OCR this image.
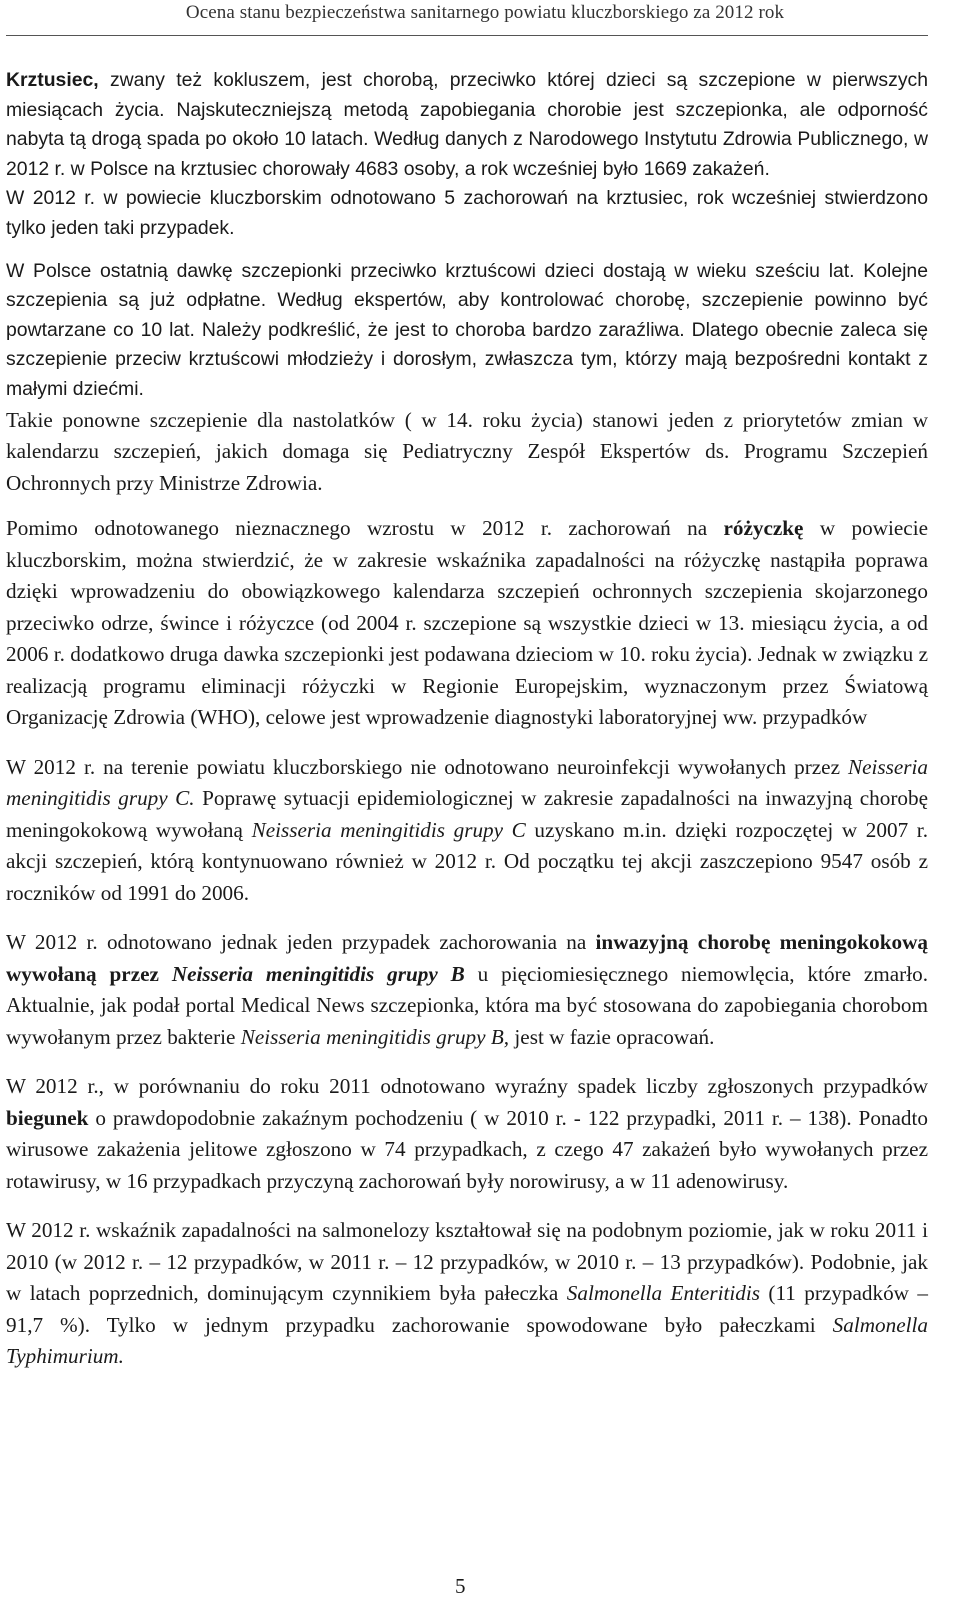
Ocena stanu bezpieczeństwa sanitarnego powiatu kluczborskiego za 2012 rok

Krztusiec, zwany też kokluszem, jest chorobą, przeciwko której dzieci są szczepione w pierwszych miesiącach życia. Najskuteczniejszą metodą zapobiegania chorobie jest szczepionka, ale odporność nabyta tą drogą spada po około 10 latach. Według danych z Narodowego Instytutu Zdrowia Publicznego, w 2012 r. w Polsce na krztusiec chorowały 4683 osoby, a rok wcześniej było 1669 zakażeń.

W 2012 r. w powiecie kluczborskim odnotowano 5 zachorowań na krztusiec, rok wcześniej stwierdzono tylko jeden taki przypadek.

W Polsce ostatnią dawkę szczepionki przeciwko krztuścowi dzieci dostają w wieku sześciu lat. Kolejne szczepienia są już odpłatne. Według ekspertów, aby kontrolować chorobę, szczepienie powinno być powtarzane co 10 lat. Należy podkreślić, że jest to choroba bardzo zaraźliwa. Dlatego obecnie zaleca się szczepienie przeciw krztuścowi młodzieży i dorosłym, zwłaszcza tym, którzy mają bezpośredni kontakt z małymi dziećmi.

Takie ponowne szczepienie dla nastolatków ( w 14. roku życia) stanowi jeden z priorytetów zmian w kalendarzu szczepień, jakich domaga się Pediatryczny Zespół Ekspertów ds. Programu Szczepień Ochronnych przy Ministrze Zdrowia.

Pomimo odnotowanego nieznacznego wzrostu w 2012 r. zachorowań na różyczkę w powiecie kluczborskim, można stwierdzić, że w zakresie wskaźnika zapadalności na różyczkę nastąpiła poprawa dzięki wprowadzeniu do obowiązkowego kalendarza szczepień ochronnych szczepienia skojarzonego przeciwko odrze, śwince i różyczce (od 2004 r. szczepione są wszystkie dzieci w 13. miesiącu życia, a od 2006 r. dodatkowo druga dawka szczepionki jest podawana dzieciom w 10. roku życia). Jednak w związku z realizacją programu eliminacji różyczki w Regionie Europejskim, wyznaczonym przez Światową Organizację Zdrowia (WHO), celowe jest wprowadzenie diagnostyki laboratoryjnej ww. przypadków

W 2012 r. na terenie powiatu kluczborskiego nie odnotowano neuroinfekcji wywołanych przez Neisseria meningitidis grupy C. Poprawę sytuacji epidemiologicznej w zakresie zapadalności na inwazyjną chorobę meningokokową wywołaną Neisseria meningitidis grupy C uzyskano m.in. dzięki rozpoczętej w 2007 r. akcji szczepień, którą kontynuowano również w 2012 r. Od początku tej akcji zaszczepiono 9547 osób z roczników od 1991 do 2006.

W 2012 r. odnotowano jednak jeden przypadek zachorowania na inwazyjną chorobę meningokokową wywołaną przez Neisseria meningitidis grupy B u pięciomiesięcznego niemowlęcia, które zmarło. Aktualnie, jak podał portal Medical News szczepionka, która ma być stosowana do zapobiegania chorobom wywołanym przez bakterie Neisseria meningitidis grupy B, jest w fazie opracowań.

W 2012 r., w porównaniu do roku 2011 odnotowano wyraźny spadek liczby zgłoszonych przypadków biegunek o prawdopodobnie zakaźnym pochodzeniu ( w 2010 r. - 122 przypadki, 2011 r. – 138). Ponadto wirusowe zakażenia jelitowe zgłoszono w 74 przypadkach, z czego 47 zakażeń było wywołanych przez rotawirusy, w 16 przypadkach przyczyną zachorowań były norowirusy, a w 11 adenowirusy.

W 2012 r. wskaźnik zapadalności na salmonelozy kształtował się na podobnym poziomie, jak w roku 2011 i 2010 (w 2012 r. – 12 przypadków, w 2011 r. – 12 przypadków, w 2010 r. – 13 przypadków). Podobnie, jak w latach poprzednich, dominującym czynnikiem była pałeczka Salmonella Enteritidis (11 przypadków – 91,7 %). Tylko w jednym przypadku zachorowanie spowodowane było pałeczkami Salmonella Typhimurium.

5
